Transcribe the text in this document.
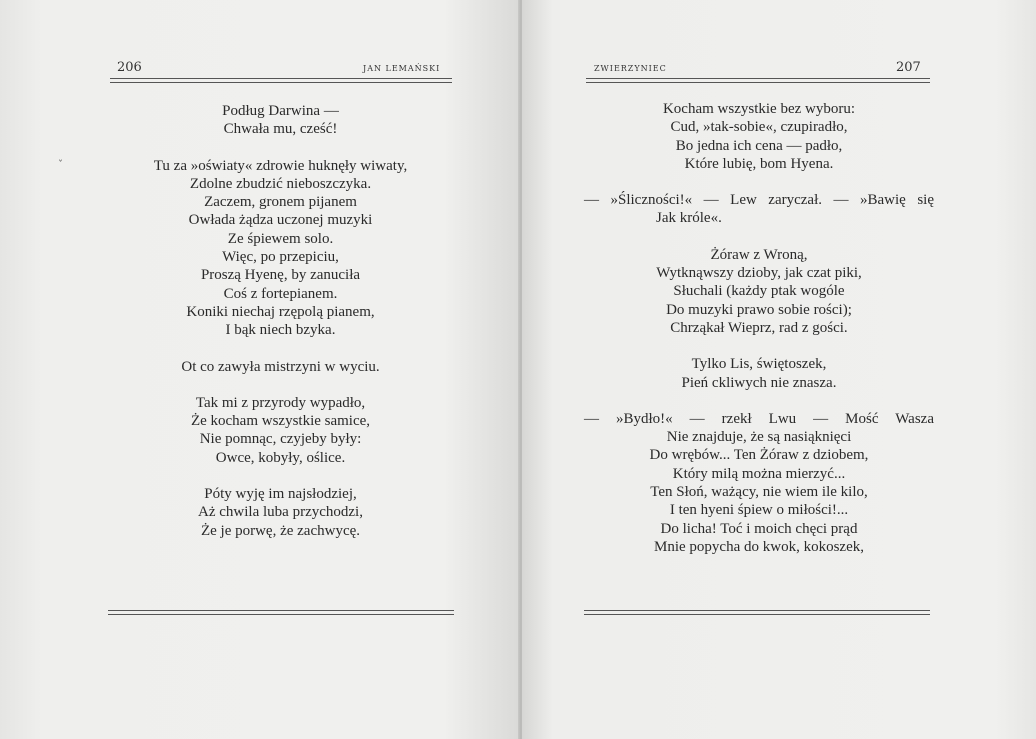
206	JAN LEMAŃSKI
ˇ
Podług Darwina —
Chwała mu, cześć!
Tu za »oświaty« zdrowie huknęły wiwaty,
Zdolne zbudzić nieboszczyka.
Zaczem, gronem pijanem
Owłada żądza uczonej muzyki
Ze śpiewem solo.
Więc, po przepiciu,
Proszą Hyenę, by zanuciła
Coś z fortepianem.
Koniki niechaj rzępolą pianem,
I bąk niech bzyka.
Ot co zawyła mistrzyni w wyciu.
Tak mi z przyrody wypadło,
Że kocham wszystkie samice,
Nie pomnąc, czyjeby były:
Owce, kobyły, oślice.
Póty wyję im najsłodziej,
Aż chwila luba przychodzi,
Że je porwę, że zachwycę.
ZWIERZYNIEC	207
Kocham wszystkie bez wyboru:
Cud, »tak-sobie«, czupiradło,
Bo jedna ich cena — padło,
Które lubię, bom Hyena.
— »Śliczności!« — Lew zaryczał. — »Bawię się
Jak króle«.
Żóraw z Wroną,
Wytknąwszy dzioby, jak czat piki,
Słuchali (każdy ptak wogóle
Do muzyki prawo sobie rości);
Chrząkał Wieprz, rad z gości.
Tylko Lis, świętoszek,
Pień ckliwych nie znasza.
— »Bydło!« — rzekł Lwu — Mość Wasza
Nie znajduje, że są nasiąknięci
Do wrębów... Ten Żóraw z dziobem,
Który milą można mierzyć...
Ten Słoń, ważący, nie wiem ile kilo,
I ten hyeni śpiew o miłości!...
Do licha! Toć i moich chęci prąd
Mnie popycha do kwok, kokoszek,
